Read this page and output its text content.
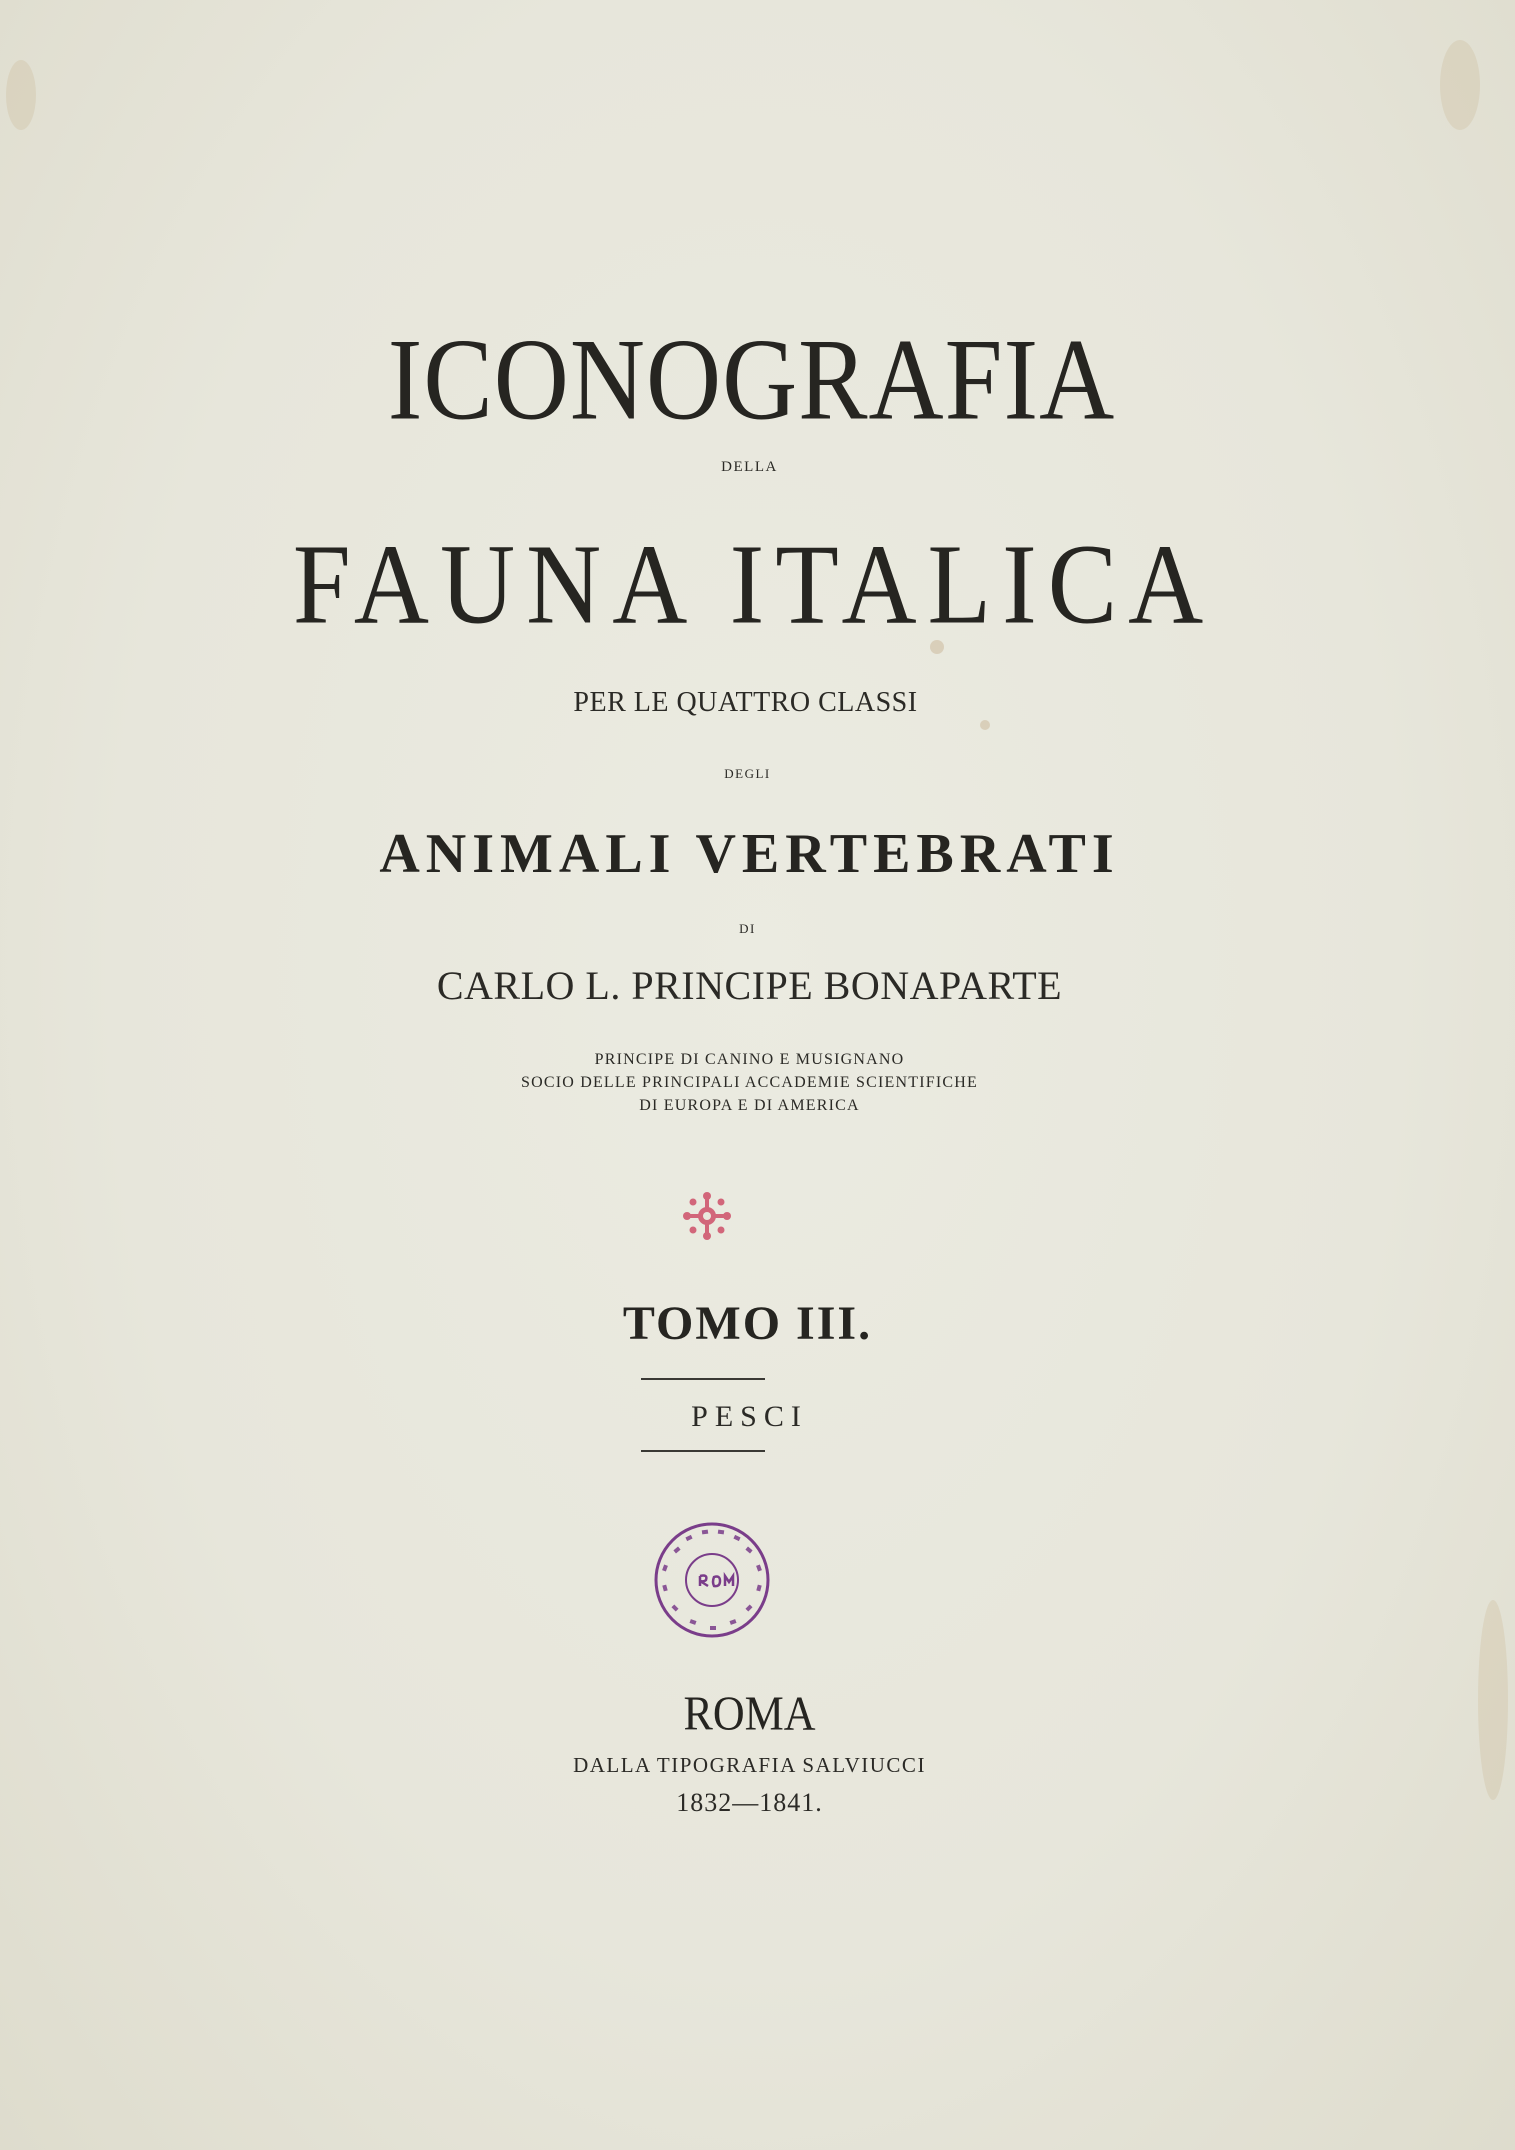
ICONOGRAFIA
DELLA
FAUNA ITALICA
PER LE QUATTRO CLASSI
DEGLI
ANIMALI VERTEBRATI
DI
CARLO L. PRINCIPE BONAPARTE
PRINCIPE DI CANINO E MUSIGNANO
SOCIO DELLE PRINCIPALI ACCADEMIE SCIENTIFICHE
DI EUROPA E DI AMERICA
TOMO III.
PESCI
ROMA
DALLA TIPOGRAFIA SALVIUCCI
1832—1841.
